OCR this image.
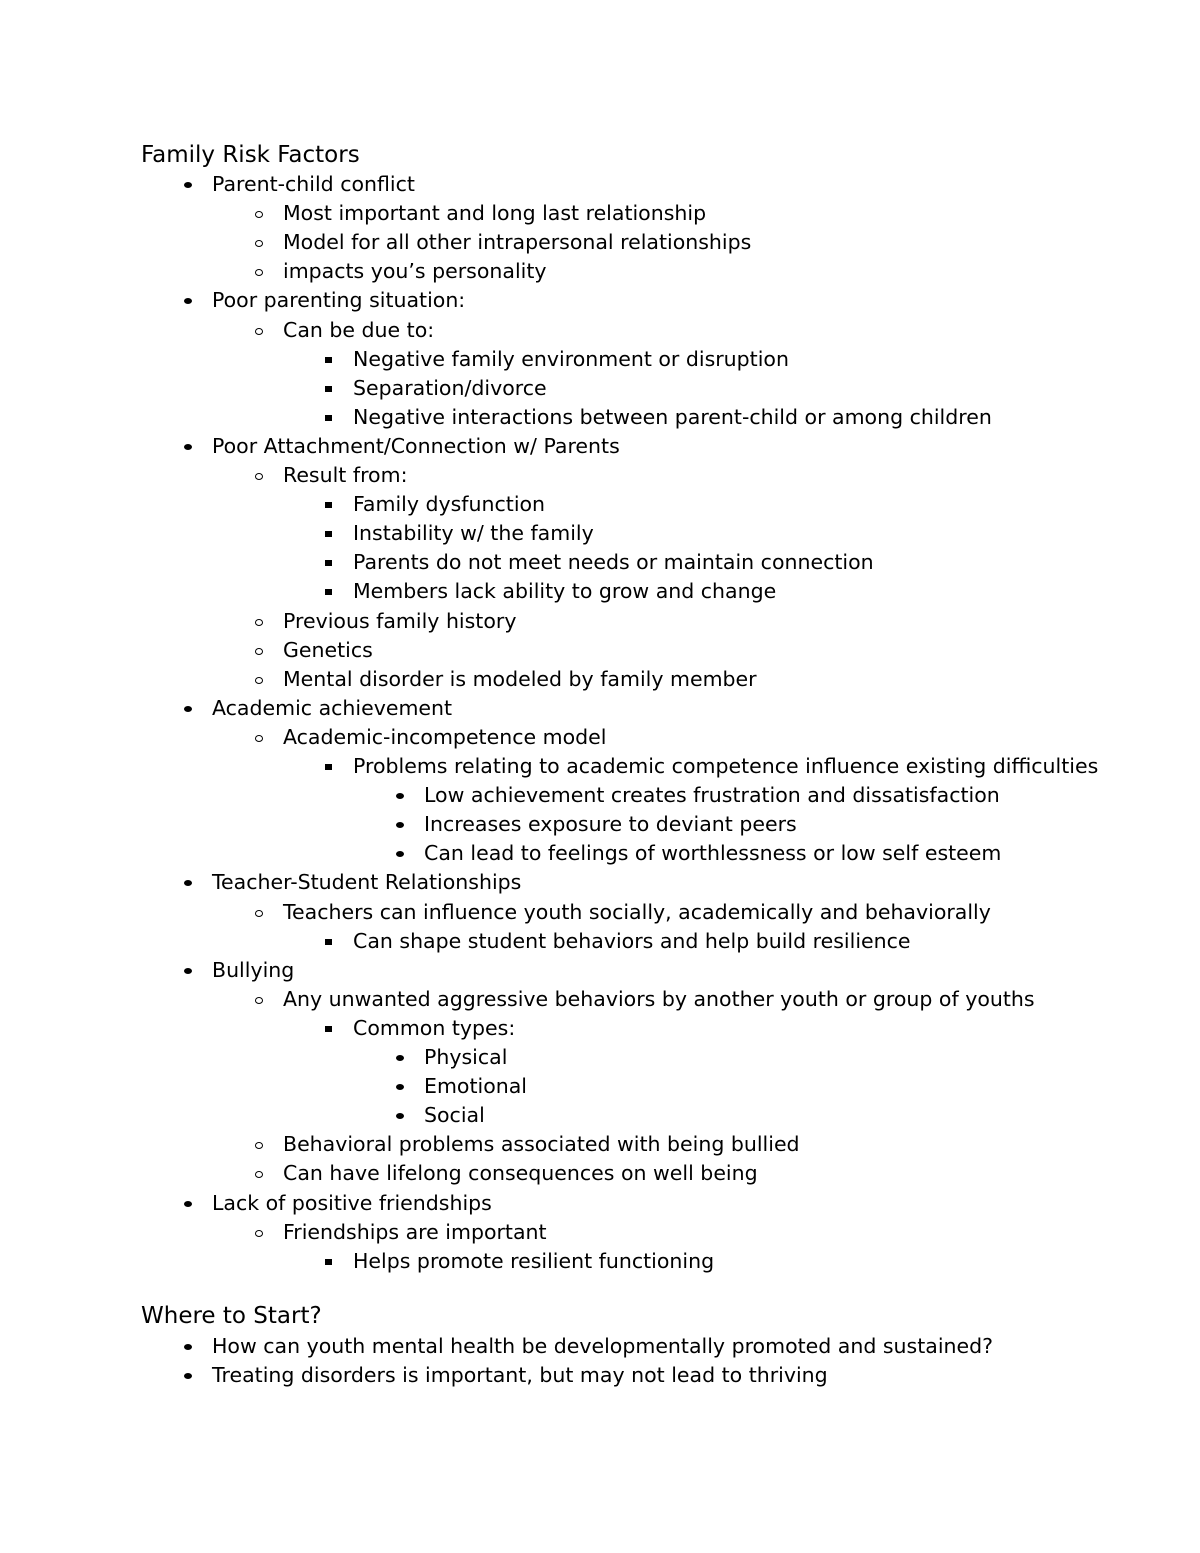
Family Risk Factors
Parent-child conflict
Most important and long last relationship
Model for all other intrapersonal relationships
impacts you’s personality
Poor parenting situation:
Can be due to:
Negative family environment or disruption
Separation/divorce
Negative interactions between parent-child or among children
Poor Attachment/Connection w/ Parents
Result from:
Family dysfunction
Instability w/ the family
Parents do not meet needs or maintain connection
Members lack ability to grow and change
Previous family history
Genetics
Mental disorder is modeled by family member
Academic achievement
Academic-incompetence model
Problems relating to academic competence influence existing difficulties
Low achievement creates frustration and dissatisfaction
Increases exposure to deviant peers
Can lead to feelings of worthlessness or low self esteem
Teacher-Student Relationships
Teachers can influence youth socially, academically and behaviorally
Can shape student behaviors and help build resilience
Bullying
Any unwanted aggressive behaviors by another youth or group of youths
Common types:
Physical
Emotional
Social
Behavioral problems associated with being bullied
Can have lifelong consequences on well being
Lack of positive friendships
Friendships are important
Helps promote resilient functioning
Where to Start?
How can youth mental health be developmentally promoted and sustained?
Treating disorders is important, but may not lead to thriving
